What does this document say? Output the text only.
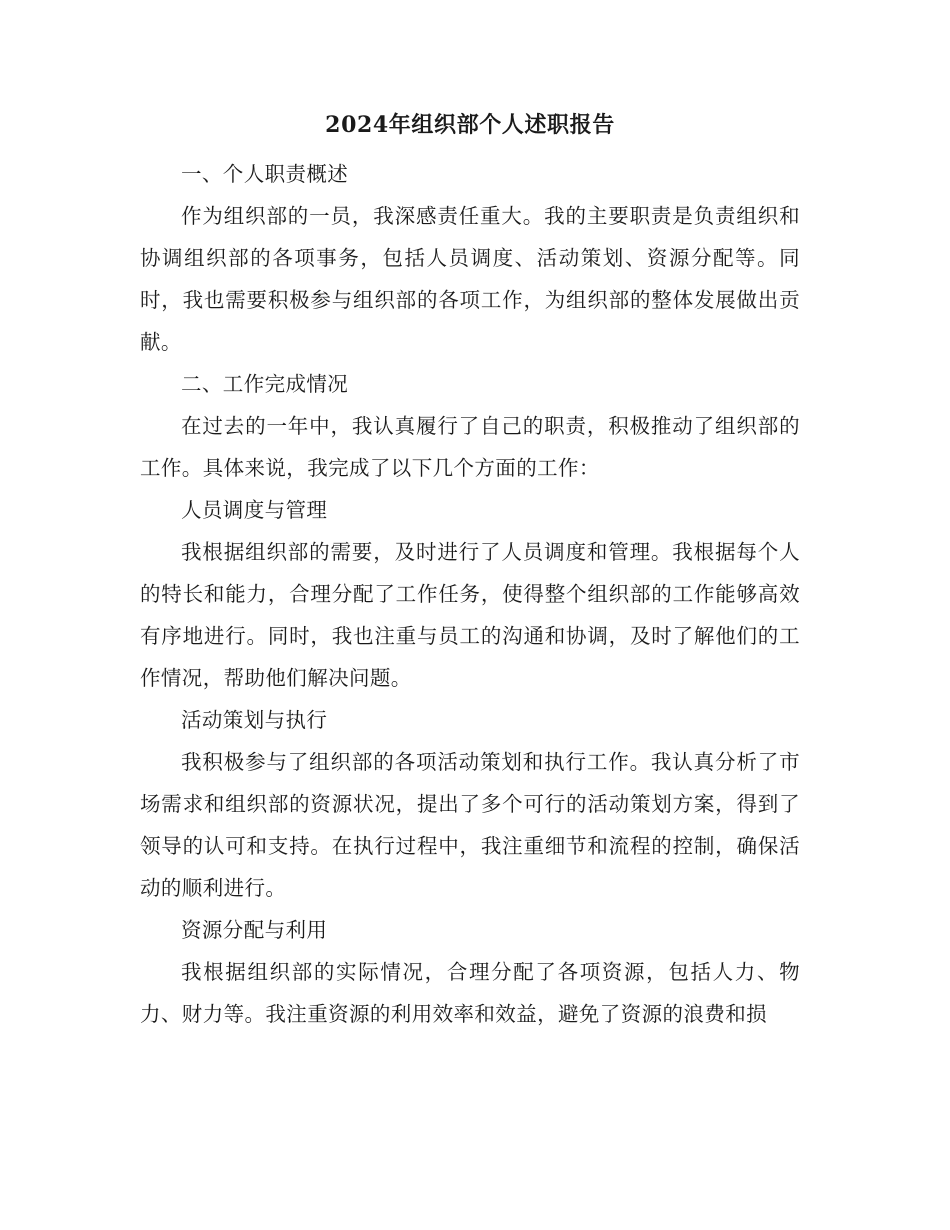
2024年组织部个人述职报告

一、个人职责概述

作为组织部的一员，我深感责任重大。我的主要职责是负责组织和协调组织部的各项事务，包括人员调度、活动策划、资源分配等。同时，我也需要积极参与组织部的各项工作，为组织部的整体发展做出贡献。

二、工作完成情况

在过去的一年中，我认真履行了自己的职责，积极推动了组织部的工作。具体来说，我完成了以下几个方面的工作：

人员调度与管理

我根据组织部的需要，及时进行了人员调度和管理。我根据每个人的特长和能力，合理分配了工作任务，使得整个组织部的工作能够高效有序地进行。同时，我也注重与员工的沟通和协调，及时了解他们的工作情况，帮助他们解决问题。

活动策划与执行

我积极参与了组织部的各项活动策划和执行工作。我认真分析了市场需求和组织部的资源状况，提出了多个可行的活动策划方案，得到了领导的认可和支持。在执行过程中，我注重细节和流程的控制，确保活动的顺利进行。

资源分配与利用

我根据组织部的实际情况，合理分配了各项资源，包括人力、物力、财力等。我注重资源的利用效率和效益，避免了资源的浪费和损
